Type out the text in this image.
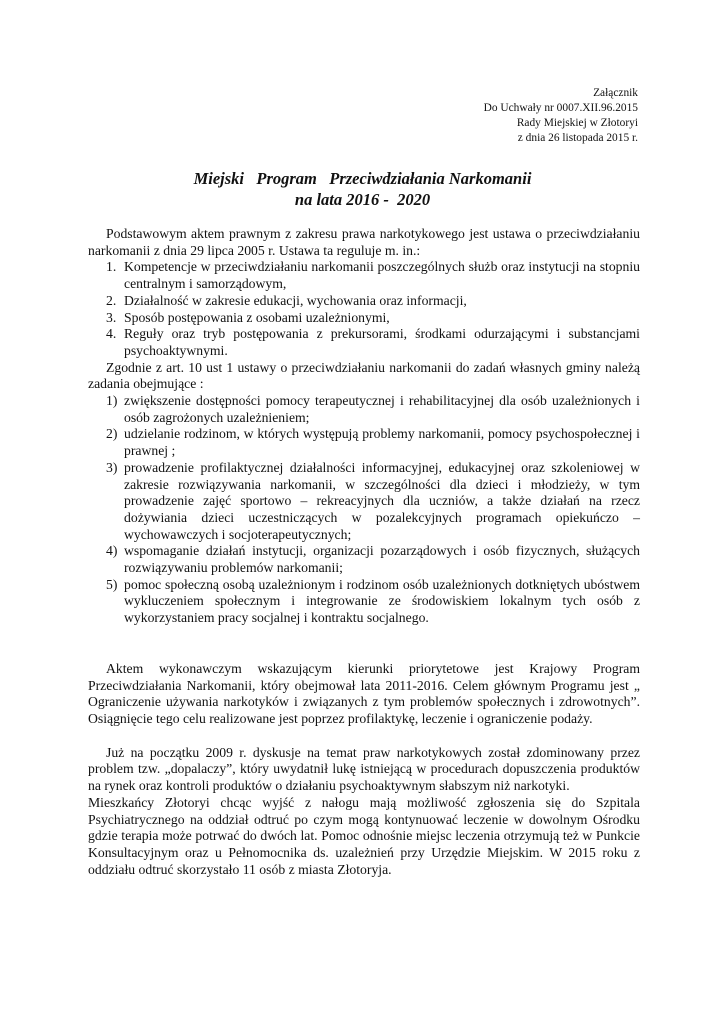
Załącznik
Do Uchwały nr 0007.XII.96.2015
Rady Miejskiej w Złotoryi
z dnia 26 listopada 2015 r.
Miejski   Program   Przeciwdziałania Narkomanii
na lata 2016 -  2020

Podstawowym aktem prawnym z zakresu prawa narkotykowego jest ustawa o przeciwdziałaniu narkomanii z dnia 29 lipca 2005 r. Ustawa ta reguluje m. in.:

1. Kompetencje w przeciwdziałaniu narkomanii poszczególnych służb oraz instytucji na stopniu centralnym i samorządowym,
2. Działalność w zakresie edukacji, wychowania oraz informacji,
3. Sposób postępowania z osobami uzależnionymi,
4. Reguły oraz tryb postępowania z prekursorami, środkami odurzającymi i substancjami psychoaktywnymi.

Zgodnie z art. 10 ust 1 ustawy o przeciwdziałaniu narkomanii do zadań własnych gminy należą zadania obejmujące :

1) zwiększenie dostępności pomocy terapeutycznej i rehabilitacyjnej dla osób uzależnionych i osób zagrożonych uzależnieniem;
2) udzielanie rodzinom, w których występują problemy narkomanii, pomocy psychospołecznej i prawnej ;
3) prowadzenie profilaktycznej działalności informacyjnej, edukacyjnej oraz szkoleniowej w zakresie rozwiązywania narkomanii, w szczególności dla dzieci i młodzieży, w tym prowadzenie zajęć sportowo – rekreacyjnych dla uczniów, a także działań na rzecz dożywiania dzieci uczestniczących w pozalekcyjnych programach opiekuńczo – wychowawczych i socjoterapeutycznych;
4) wspomaganie działań instytucji, organizacji pozarządowych i osób fizycznych, służących rozwiązywaniu problemów narkomanii;
5) pomoc społeczną osobą uzależnionym i rodzinom osób uzależnionych dotkniętych ubóstwem wykluczeniem społecznym i integrowanie ze środowiskiem lokalnym tych osób z wykorzystaniem pracy socjalnej i kontraktu socjalnego.

Aktem wykonawczym wskazującym kierunki priorytetowe jest Krajowy Program Przeciwdziałania Narkomanii, który obejmował lata 2011-2016. Celem głównym Programu jest „ Ograniczenie używania narkotyków i związanych z tym problemów społecznych i zdrowotnych”. Osiągnięcie tego celu realizowane jest poprzez profilaktykę, leczenie i ograniczenie podaży.

Już na początku 2009 r. dyskusje na temat praw narkotykowych został zdominowany przez problem tzw. „dopalaczy”, który uwydatnił lukę istniejącą w procedurach dopuszczenia produktów na rynek oraz kontroli produktów o działaniu psychoaktywnym słabszym niż narkotyki.

Mieszkańcy Złotoryi chcąc wyjść z nałogu mają możliwość zgłoszenia się do Szpitala Psychiatrycznego na oddział odtruć po czym mogą kontynuować leczenie w dowolnym Ośrodku gdzie terapia może potrwać do dwóch lat. Pomoc odnośnie miejsc leczenia otrzymują też w Punkcie Konsultacyjnym oraz u Pełnomocnika ds. uzależnień przy Urzędzie Miejskim. W 2015 roku z oddziału odtruć skorzystało 11 osób z miasta Złotoryja.
